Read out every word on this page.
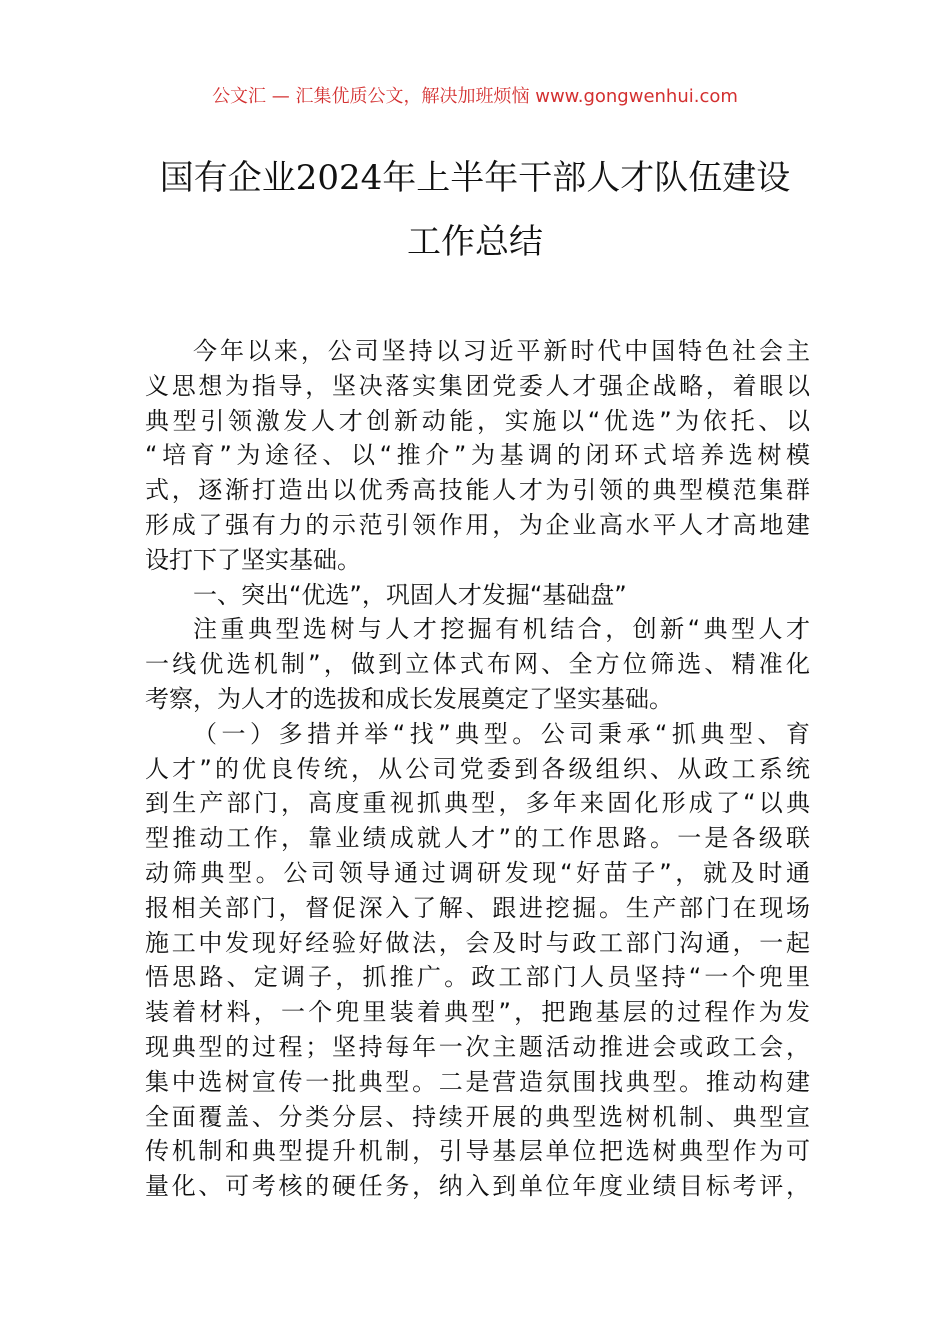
公文汇 — 汇集优质公文，解决加班烦恼 www.gongwenhui.com
国有企业2024年上半年干部人才队伍建设
工作总结
今年以来，公司坚持以习近平新时代中国特色社会主
义思想为指导，坚决落实集团党委人才强企战略，着眼以
典型引领激发人才创新动能，实施以“优选”为依托、以
“培育”为途径、以“推介”为基调的闭环式培养选树模
式，逐渐打造出以优秀高技能人才为引领的典型模范集群
形成了强有力的示范引领作用，为企业高水平人才高地建
设打下了坚实基础。
一、突出“优选”，巩固人才发掘“基础盘”
注重典型选树与人才挖掘有机结合，创新“典型人才
一线优选机制”，做到立体式布网、全方位筛选、精准化
考察，为人才的选拔和成长发展奠定了坚实基础。
（一）多措并举“找”典型。公司秉承“抓典型、育
人才”的优良传统，从公司党委到各级组织、从政工系统
到生产部门，高度重视抓典型，多年来固化形成了“以典
型推动工作，靠业绩成就人才”的工作思路。一是各级联
动筛典型。公司领导通过调研发现“好苗子”，就及时通
报相关部门，督促深入了解、跟进挖掘。生产部门在现场
施工中发现好经验好做法，会及时与政工部门沟通，一起
悟思路、定调子，抓推广。政工部门人员坚持“一个兜里
装着材料，一个兜里装着典型”，把跑基层的过程作为发
现典型的过程；坚持每年一次主题活动推进会或政工会，
集中选树宣传一批典型。二是营造氛围找典型。推动构建
全面覆盖、分类分层、持续开展的典型选树机制、典型宣
传机制和典型提升机制，引导基层单位把选树典型作为可
量化、可考核的硬任务，纳入到单位年度业绩目标考评，
